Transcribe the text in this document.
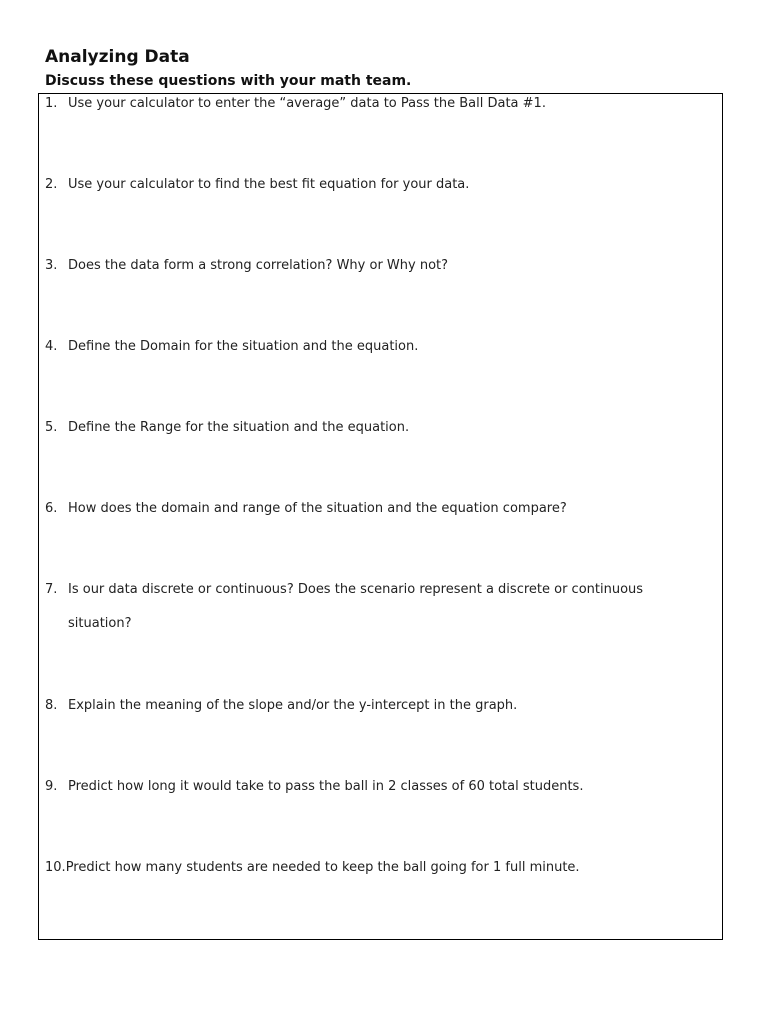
Analyzing Data

Discuss these questions with your math team.

1. Use your calculator to enter the “average” data to Pass the Ball Data #1.
2. Use your calculator to find the best fit equation for your data.
3. Does the data form a strong correlation? Why or Why not?
4. Define the Domain for the situation and the equation.
5. Define the Range for the situation and the equation.
6. How does the domain and range of the situation and the equation compare?
7. Is our data discrete or continuous? Does the scenario represent a discrete or continuous
situation?
8. Explain the meaning of the slope and/or the y-intercept in the graph.
9. Predict how long it would take to pass the ball in 2 classes of 60 total students.
10.Predict how many students are needed to keep the ball going for 1 full minute.
